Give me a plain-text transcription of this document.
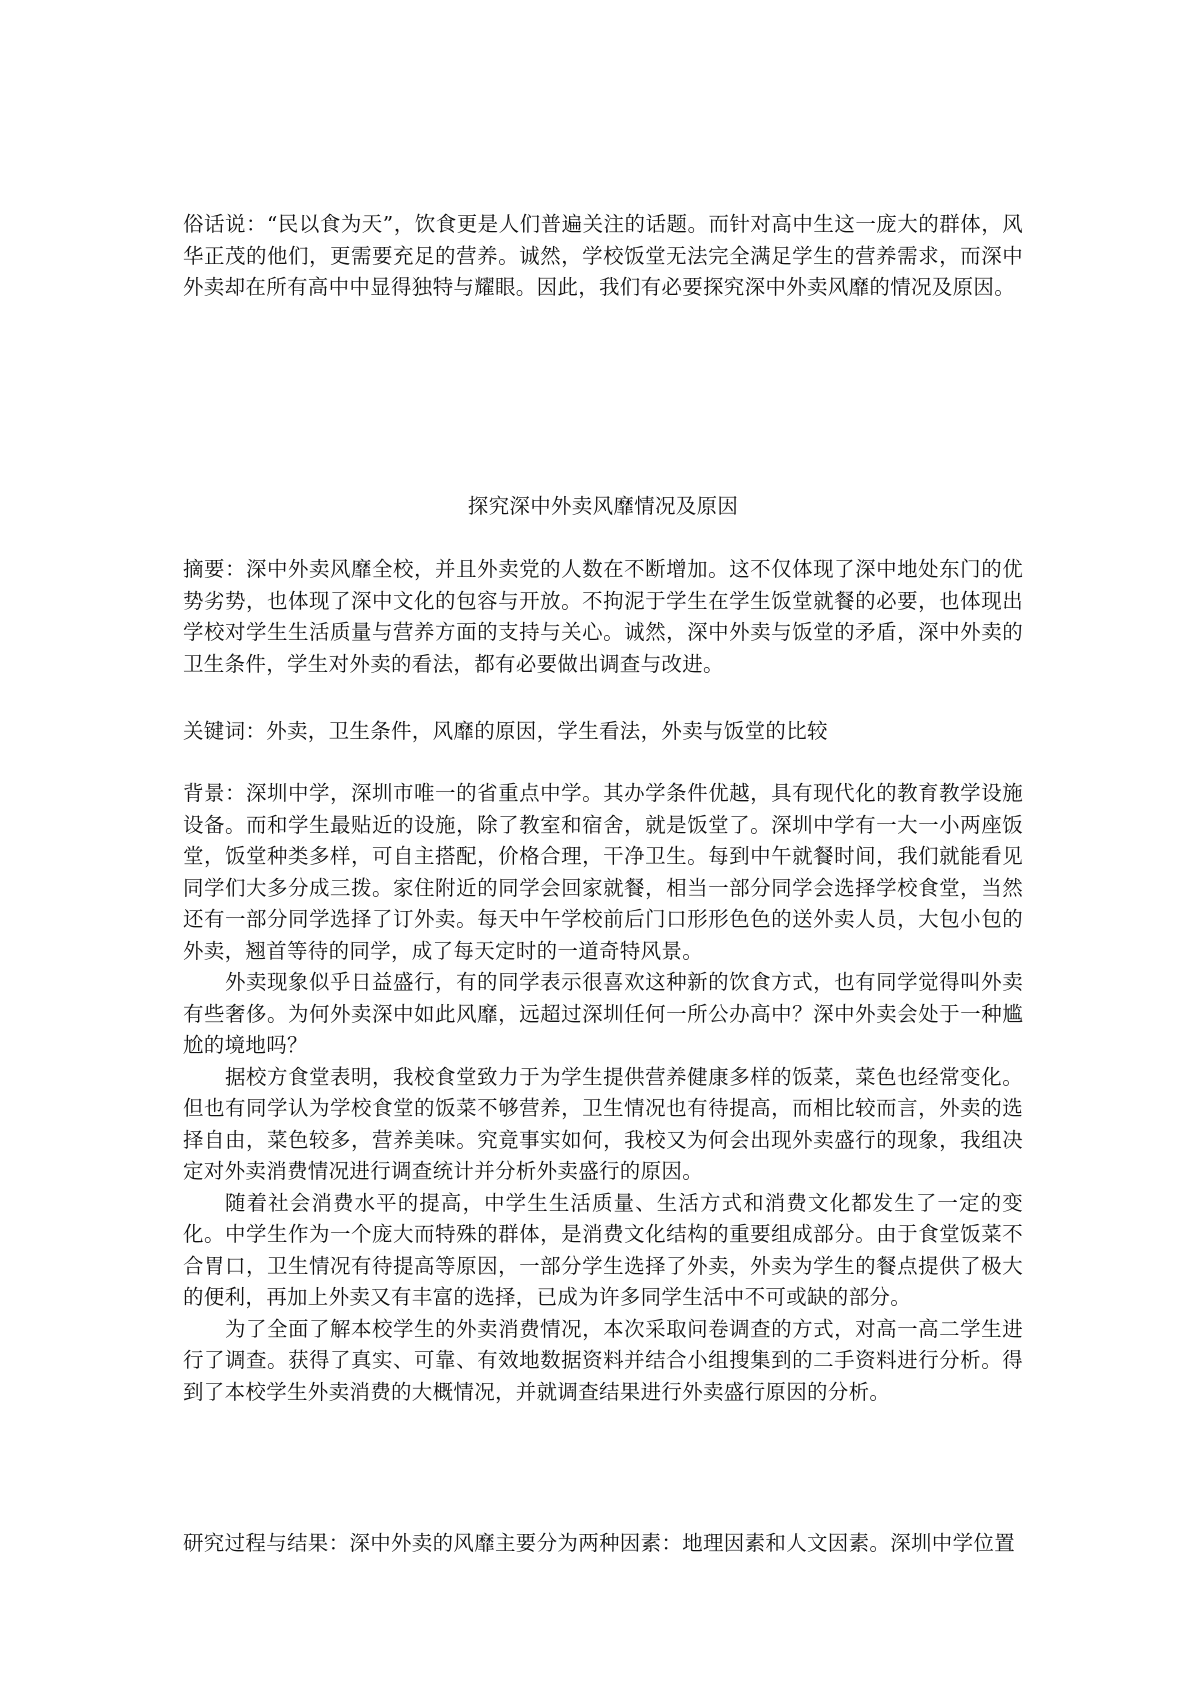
俗话说：“民以食为天”，饮食更是人们普遍关注的话题。而针对高中生这一庞大的群体，风华正茂的他们，更需要充足的营养。诚然，学校饭堂无法完全满足学生的营养需求，而深中外卖却在所有高中中显得独特与耀眼。因此，我们有必要探究深中外卖风靡的情况及原因。

探究深中外卖风靡情况及原因

摘要：深中外卖风靡全校，并且外卖党的人数在不断增加。这不仅体现了深中地处东门的优势劣势，也体现了深中文化的包容与开放。不拘泥于学生在学生饭堂就餐的必要，也体现出学校对学生生活质量与营养方面的支持与关心。诚然，深中外卖与饭堂的矛盾，深中外卖的卫生条件，学生对外卖的看法，都有必要做出调查与改进。

关键词：外卖，卫生条件，风靡的原因，学生看法，外卖与饭堂的比较

背景：深圳中学，深圳市唯一的省重点中学。其办学条件优越，具有现代化的教育教学设施设备。而和学生最贴近的设施，除了教室和宿舍，就是饭堂了。深圳中学有一大一小两座饭堂，饭堂种类多样，可自主搭配，价格合理，干净卫生。每到中午就餐时间，我们就能看见同学们大多分成三拨。家住附近的同学会回家就餐，相当一部分同学会选择学校食堂，当然还有一部分同学选择了订外卖。每天中午学校前后门口形形色色的送外卖人员，大包小包的外卖，翘首等待的同学，成了每天定时的一道奇特风景。

外卖现象似乎日益盛行，有的同学表示很喜欢这种新的饮食方式，也有同学觉得叫外卖有些奢侈。为何外卖深中如此风靡，远超过深圳任何一所公办高中？深中外卖会处于一种尴尬的境地吗？

据校方食堂表明，我校食堂致力于为学生提供营养健康多样的饭菜，菜色也经常变化。但也有同学认为学校食堂的饭菜不够营养，卫生情况也有待提高，而相比较而言，外卖的选择自由，菜色较多，营养美味。究竟事实如何，我校又为何会出现外卖盛行的现象，我组决定对外卖消费情况进行调查统计并分析外卖盛行的原因。

随着社会消费水平的提高，中学生生活质量、生活方式和消费文化都发生了一定的变化。中学生作为一个庞大而特殊的群体，是消费文化结构的重要组成部分。由于食堂饭菜不合胃口，卫生情况有待提高等原因，一部分学生选择了外卖，外卖为学生的餐点提供了极大的便利，再加上外卖又有丰富的选择，已成为许多同学生活中不可或缺的部分。

为了全面了解本校学生的外卖消费情况，本次采取问卷调查的方式，对高一高二学生进行了调查。获得了真实、可靠、有效地数据资料并结合小组搜集到的二手资料进行分析。得到了本校学生外卖消费的大概情况，并就调查结果进行外卖盛行原因的分析。

研究过程与结果：深中外卖的风靡主要分为两种因素：地理因素和人文因素。深圳中学位置
